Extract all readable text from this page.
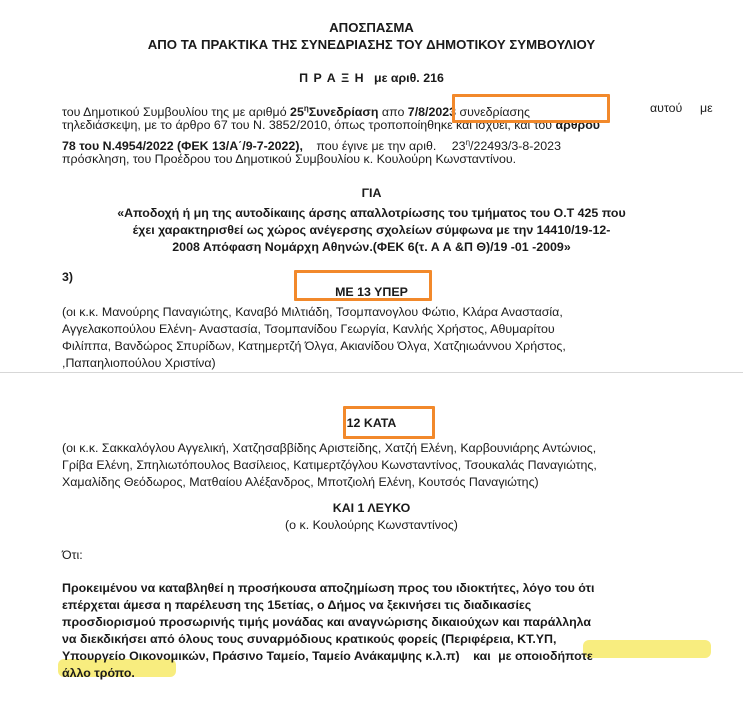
ΑΠΟΣΠΑΣΜΑ
ΑΠΟ ΤΑ ΠΡΑΚΤΙΚΑ ΤΗΣ ΣΥΝΕΔΡΙΑΣΗΣ ΤΟΥ ΔΗΜΟΤΙΚΟΥ ΣΥΜΒΟΥΛΙΟΥ
Π Ρ Α Ξ Η με αριθ. 216
του Δημοτικού Συμβουλίου της με αριθμό $25^\eta\Sigma\upsilon\nu\varepsilon\delta\rho ί\alpha\sigma\eta$ απο 7/8/2023 συνεδρίασης	αυτού με
τηλεδιάσκεψη, με το άρθρο 67 του Ν. 3852/2010, όπως τροποποίηθηκε και ισχύει, και του άρθρου
78 του Ν.4954/2022 (ΦΕΚ 13/Α΄/9-7-2022), που έγινε με την αριθ. $23^\eta/22493/3-8-2023$
πρόσκληση, του Προέδρου του Δημοτικού Συμβουλίου κ. Κουλούρη Κωνσταντίνου.
ΓΙΑ
«Αποδοχή ή μη της αυτοδίκαιης άρσης απαλλοτρίωσης του τμήματος του Ο.Τ 425 που
έχει χαρακτηρισθεί ως χώρος ανέγερσης σχολείων σύμφωνα με την 14410/19-12-
2008 Απόφαση Νομάρχη Αθηνών.(ΦΕΚ 6(τ. Α Α &Π Θ)/19 -01 -2009»
3)
ΜΕ 13 ΥΠΕΡ
(οι κ.κ. Μανούρης Παναγιώτης, Καναβό Μιλτιάδη, Τσομπανογλου Φώτιο, Κλάρα Αναστασία,
Αγγελακοπούλου Ελένη- Αναστασία, Τσομπανίδου Γεωργία, Κανλής Χρήστος, Αθυμαρίτου
Φιλίππα, Βανδώρος Σπυρίδων, Κατημερτζή Όλγα, Ακιανίδου Όλγα, Χατζηιωάννου Χρήστος,
,Παπαηλιοπούλου Χριστίνα)
12 ΚΑΤΑ
(οι κ.κ. Σακκαλόγλου Αγγελική, Χατζησαββίδης Αριστείδης, Χατζή Ελένη, Καρβουνιάρης Αντώνιος,
Γρίβα Ελένη, Σπηλιωτόπουλος Βασίλειος, Κατιμερτζόγλου Κωνσταντίνος, Τσουκαλάς Παναγιώτης,
Χαμαλίδης Θεόδωρος, Ματθαίου Αλέξανδρος, Μποτζιολή Ελένη, Κουτσός Παναγιώτης)
ΚΑΙ 1 ΛΕΥΚΟ
(ο κ. Κουλούρης Κωνσταντίνος)
Ότι:
Προκειμένου να καταβληθεί η προσήκουσα αποζημίωση προς του ιδιοκτήτες, λόγο του ότι
επέρχεται άμεσα η παρέλευση της 15ετίας, ο Δήμος να ξεκινήσει τις διαδικασίες
προσδιορισμού προσωρινής τιμής μονάδας και αναγνώρισης δικαιούχων και παράλληλα
να διεκδικήσει από όλους τους συναρμόδιους κρατικούς φορείς (Περιφέρεια, ΚΤ.ΥΠ,
Υπουργείο Οικονομικών, Πράσινο Ταμείο, Ταμείο Ανάκαμψης κ.λ.π) και με οποιοδήποτε
άλλο τρόπο.
